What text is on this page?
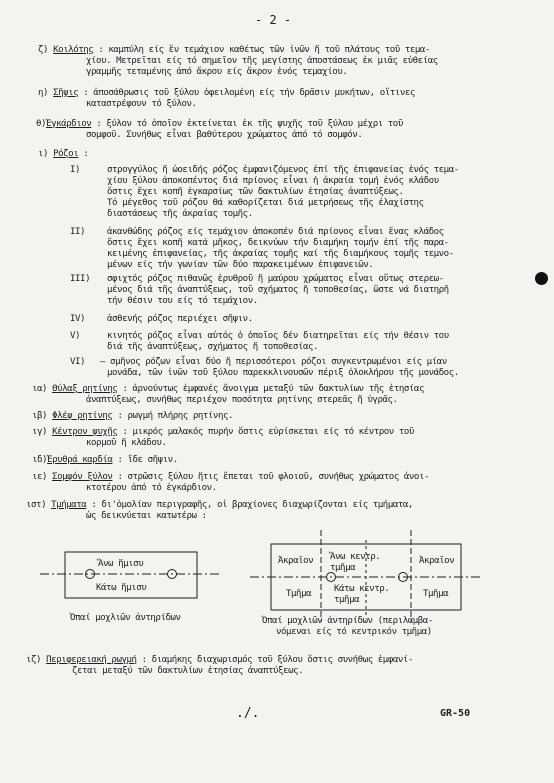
- 2 -
ζ) Κοιλότης : καμπύλη είς ἕν τεμάχιον καθέτως τῶν ἰνῶν ἤ τοῦ πλάτους τοῦ τεμα-
χίου. Μετρεῖται είς τό σημεῖον τῆς μεγίστης ἀποστάσεως ἐκ μιᾶς εὐθείας
γραμμῆς τεταμένης ἀπό ἄκρου είς ἄκρον ἑνός τεμαχίου.
η) Σῆψις : ἀποσάθρωσις τοῦ ξύλου ὀφειλομένη είς τήν δρᾶσιν μυκήτων, οἵτινες
καταστρέφουν τό ξύλον.
θ)Ἐγκάρδιον : ξύλον τό ὁποῖον ἐκτείνεται ἐκ τῆς ψυχῆς τοῦ ξύλου μέχρι τοῦ
σομφοῦ. Συνήθως εἶναι βαθύτερου χρώματος ἀπό τό σομφόν.
ι) Ρόζοι :
I)	στρογγύλος ἤ ὡοειδής ρόζος ἐμφανιζόμενος ἐπί τῆς ἐπιφανείας ἑνός τεμα-
χίου ξύλου ἀποκοπέντος διά πρίονος εἶναι ἡ ἀκραία τομή ἑνός κλάδου
ὅστις ἔχει κοπῆ ἐγκαρσίως τῶν δακτυλίων ἐτησίας ἀναπτύξεως.
Τό μέγεθος τοῦ ρόζου θά καθορίζεται διά μετρήσεως τῆς ἐλαχίστης
διαστάσεως τῆς ἀκραίας τομῆς.
II) ἀκανθώδης ρόζος είς τεμάχιον ἀποκοπέν διά πρίονος εἶναι ἕνας κλάδος
ὅστις ἔχει κοπῆ κατά μῆκος, δεικνύων τήν διαμήκη τομήν ἐπί τῆς παρα-
κειμένης ἐπιφανείας, τῆς ἀκραίας τομῆς καί τῆς διαμήκους τομῆς τεμνο-
μένων είς τήν γωνίαν τῶν δύο παρακειμένων ἐπιφανειῶν.
III) σφιχτός ρόζος πιθανῶς ἐρυθροῦ ἤ μαύρου χρώματος εἶναι οὕτως στερεω-
μένος διά τῆς ἀναπτύξεως, τοῦ σχήματος ἤ τοποθεσίας, ὥστε νά διατηρῆ
τήν θέσιν του είς τό τεμάχιον.
IV) ἀσθενής ρόζος περιέχει σῆψιν.
V)	κινητός ρόζος εἶναι αὐτός ὁ ὁποῖος δέν διατηρεῖται είς τήν θέσιν του
διά τῆς ἀναπτύξεως, σχήματος ἤ τοποθεσίας.
VI) – σμῆνος ρόζων εἶναι δύο ἤ περισσότεροι ρόζοι συγκεντρωμένοι είς μίαν
μονάδα, τῶν ἰνῶν τοῦ ξύλου παρεκκλινουσῶν πέριξ ὁλοκλήρου τῆς μονάδος.
ια) Θύλαξ ρητίνης : ἀρνούντως ἐμφανές ἄνοιγμα μεταξύ τῶν δακτυλίων τῆς ἐτησίας
ἀναπτύξεως, συνήθως περιέχον ποσότητα ρητίνης στερεᾶς ἤ ὑγρᾶς.
ιβ) Φλέψ ρητίνης : ρωγμή πλήρης ρητίνης.
ιγ) Κέντρον ψυχῆς : μικρός μαλακός πυρήν ὅστις εὑρίσκεται είς τό κέντρον τοῦ
κορμοῦ ἤ κλάδου.
ιδ)Ἐρυθρά καρδία : ἴδε σῆψιν.
ιε) Σομφόν ξύλον : στρῶσις ξύλου ἥτις ἕπεται τοῦ φλοιοῦ, συνήθως χρώματος ἀνοι-
κτοτέρου ἀπό τό ἐγκάρδιον.
ιστ) Τμήματα : δι'ὁμολίαν περιγραφῆς, οἱ βραχίονες διαχωρίζονται είς τμήματα,
ὡς δεικνύεται κατωτέρω :
Ἄνω ἥμισυ
Κάτω ἥμισυ
Ὀπαί μοχλιῶν ἀντηρίδων
Ἀκραῖον Ἄνω κεντρ. τμῆμα
Ἀκραῖον
Τμῆμα	Κάτω κεντρ. τμῆμα
Τμῆμα
Ὀπαί μοχλιῶν ἀντηρίδων (περιλαμβα-
νόμεναι είς τό κεντρικόν τμῆμα)
ιζ) Περιφερειακή ρωγμή : διαμήκης διαχωρισμός τοῦ ξύλου ὅστις συνήθως ἐμφανί-
ζεται μεταξύ τῶν δακτυλίων ἐτησίας ἀναπτύξεως.
./.	GR-50
